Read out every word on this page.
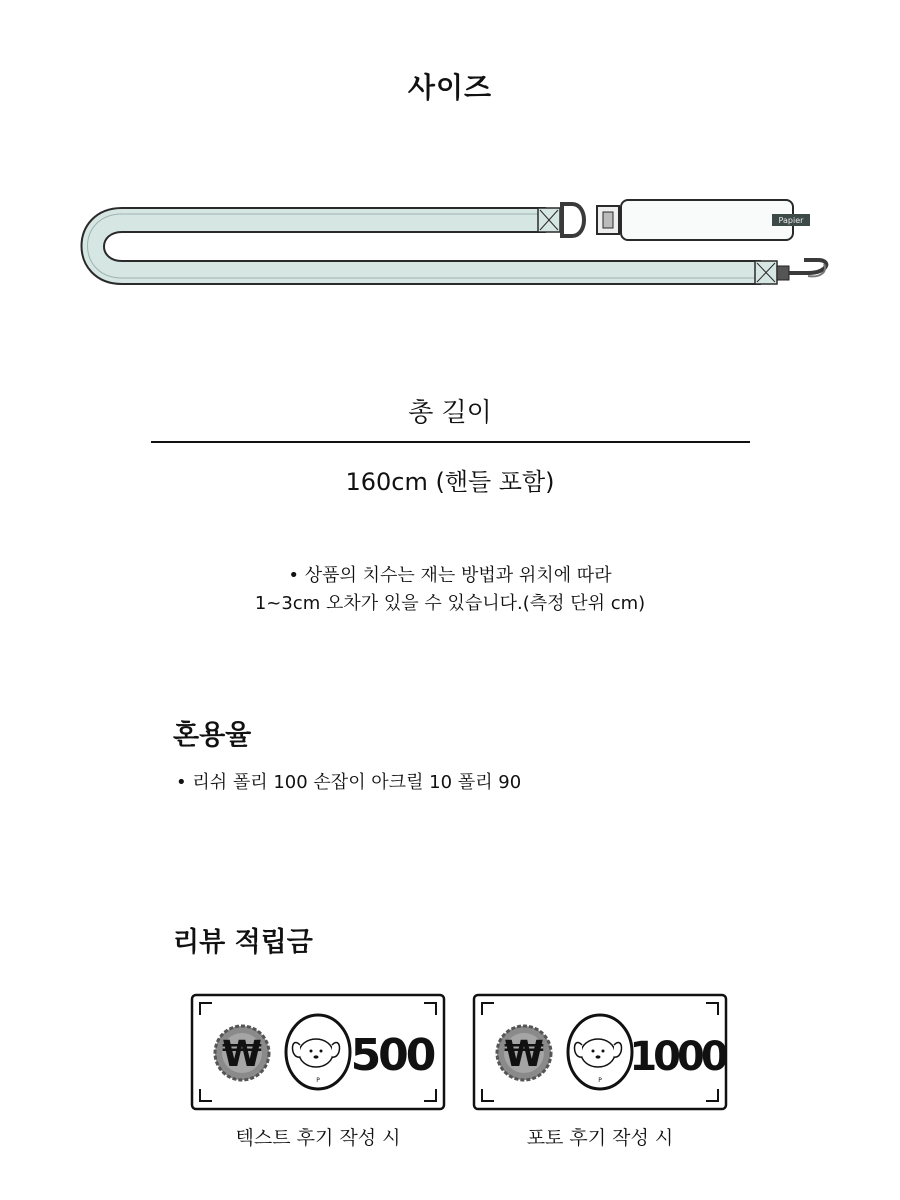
사이즈
Papier
총 길이
160cm (핸들 포함)
• 상품의 치수는 재는 방법과 위치에 따라
1~3cm 오차가 있을 수 있습니다.(측정 단위 cm)
혼용율
• 리쉬 폴리 100 손잡이 아크릴 10 폴리 90
리뷰 적립금
₩
P 500
텍스트 후기 작성 시
₩
P
1000
포토 후기 작성 시
